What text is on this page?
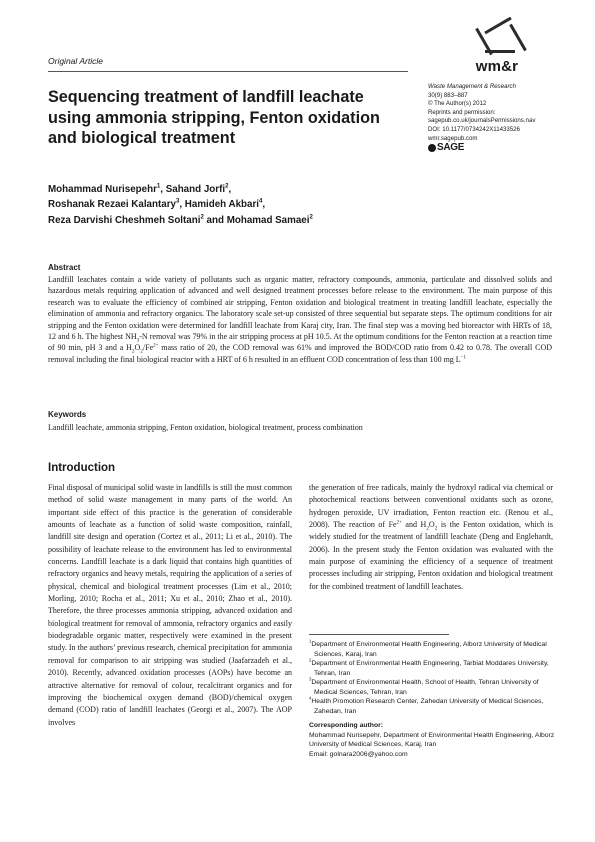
Original Article	wm&r
Waste Management & Research
30(9) 883–887
© The Author(s) 2012
Reprints and permission:
sagepub.co.uk/journalsPermissions.nav
DOI: 10.1177/0734242X11433526
wmr.sagepub.com
SAGE
Sequencing treatment of landfill leachate using ammonia stripping, Fenton oxidation and biological treatment
Mohammad Nurisepehr$^1$, Sahand Jorfi$^2$,
Roshanak Rezaei Kalantary$^3$, Hamideh Akbari$^4$,
Reza Darvishi Cheshmeh Soltani$^2$ and Mohamad Samaei$^2$
Abstract
Landfill leachates contain a wide variety of pollutants such as organic matter, refractory compounds, ammonia, particulate and dissolved solids and hazardous metals requiring application of advanced and well designed treatment processes before release to the environment. The main purpose of this research was to evaluate the efficiency of combined air stripping, Fenton oxidation and biological treatment in treating landfill leachate, especially the elimination of ammonia and refractory organics. The laboratory scale set-up consisted of three sequential but separate steps. The optimum conditions for air stripping and the Fenton oxidation were determined for landfill leachate from Karaj city, Iran. The final step was a moving bed bioreactor with HRTs of 18, 12 and 6 h. The highest $NH_3-N$ removal was 79% in the air stripping process at pH 10.5. At the optimum conditions for the Fenton reaction at a reaction time of 90 min, pH 3 and a $H_2O_2/Fe^{2+}$ mass ratio of 20, the COD removal was 61% and improved the BOD/COD ratio from 0.42 to 0.78. The overall COD removal including the final biological reactor with a HRT of 6 h resulted in an effluent COD concentration of less than 100 mg $L^{-1}$
Keywords
Landfill leachate, ammonia stripping, Fenton oxidation, biological treatment, process combination
Introduction
Final disposal of municipal solid waste in landfills is still the most common method of solid waste management in many parts of the world. An important side effect of this practice is the generation of considerable amounts of leachate as a function of solid waste composition, rainfall, landfill site design and operation (Cortez et al., 2011; Li et al., 2010). The possibility of leachate release to the environment has led to environmental concerns. Landfill leachate is a dark liquid that contains high quantities of refractory organics and heavy metals, requiring the application of a series of physical, chemical and biological treatment processes (Lim et al., 2010; Morling, 2010; Rocha et al., 2011; Xu et al., 2010; Zhao et al., 2010). Therefore, the three processes ammonia stripping, advanced oxidation and biological treatment for removal of ammonia, refractory organics and easily biodegradable organic matter, respectively were examined in the present study. In the authors’ previous research, chemical precipitation for ammonia removal for comparison to air stripping was studied (Jaafarzadeh et al., 2010). Recently, advanced oxidation processes (AOPs) have become an attractive alternative for removal of colour, recalcitrant organics and for improving the biochemical oxygen demand (BOD)/chemical oxygen demand (COD) ratio of landfill leachates (Georgi et al., 2007). The AOP involves
the generation of free radicals, mainly the hydroxyl radical via chemical or photochemical reactions between conventional oxidants such as ozone, hydrogen peroxide, UV irradiation, Fenton reaction etc. (Renou et al., 2008). The reaction of $Fe^{2+}$ and $H_2O_2$ is the Fenton oxidation, which is widely studied for the treatment of landfill leachate (Deng and Englehardt, 2006). In the present study the Fenton oxidation was evaluated with the main purpose of examining the efficiency of a sequence of treatment processes including air stripping, Fenton oxidation and biological treatment for the combined treatment of landfill leachates.
$^1$Department of Environmental Health Engineering, Alborz University of Medical Sciences, Karaj, Iran
$^2$Department of Environmental Health Engineering, Tarbiat Moddares University, Tehran, Iran
$^3$Department of Environmental Health, School of Health, Tehran University of Medical Sciences, Tehran, Iran
$^4$Health Promotion Research Center, Zahedan University of Medical Sciences, Zahedan, Iran
Corresponding author:
Mohammad Nurisepehr, Department of Environmental Health Engineering, Alborz University of Medical Sciences, Karaj, Iran
Email: golnara2006@yahoo.com
